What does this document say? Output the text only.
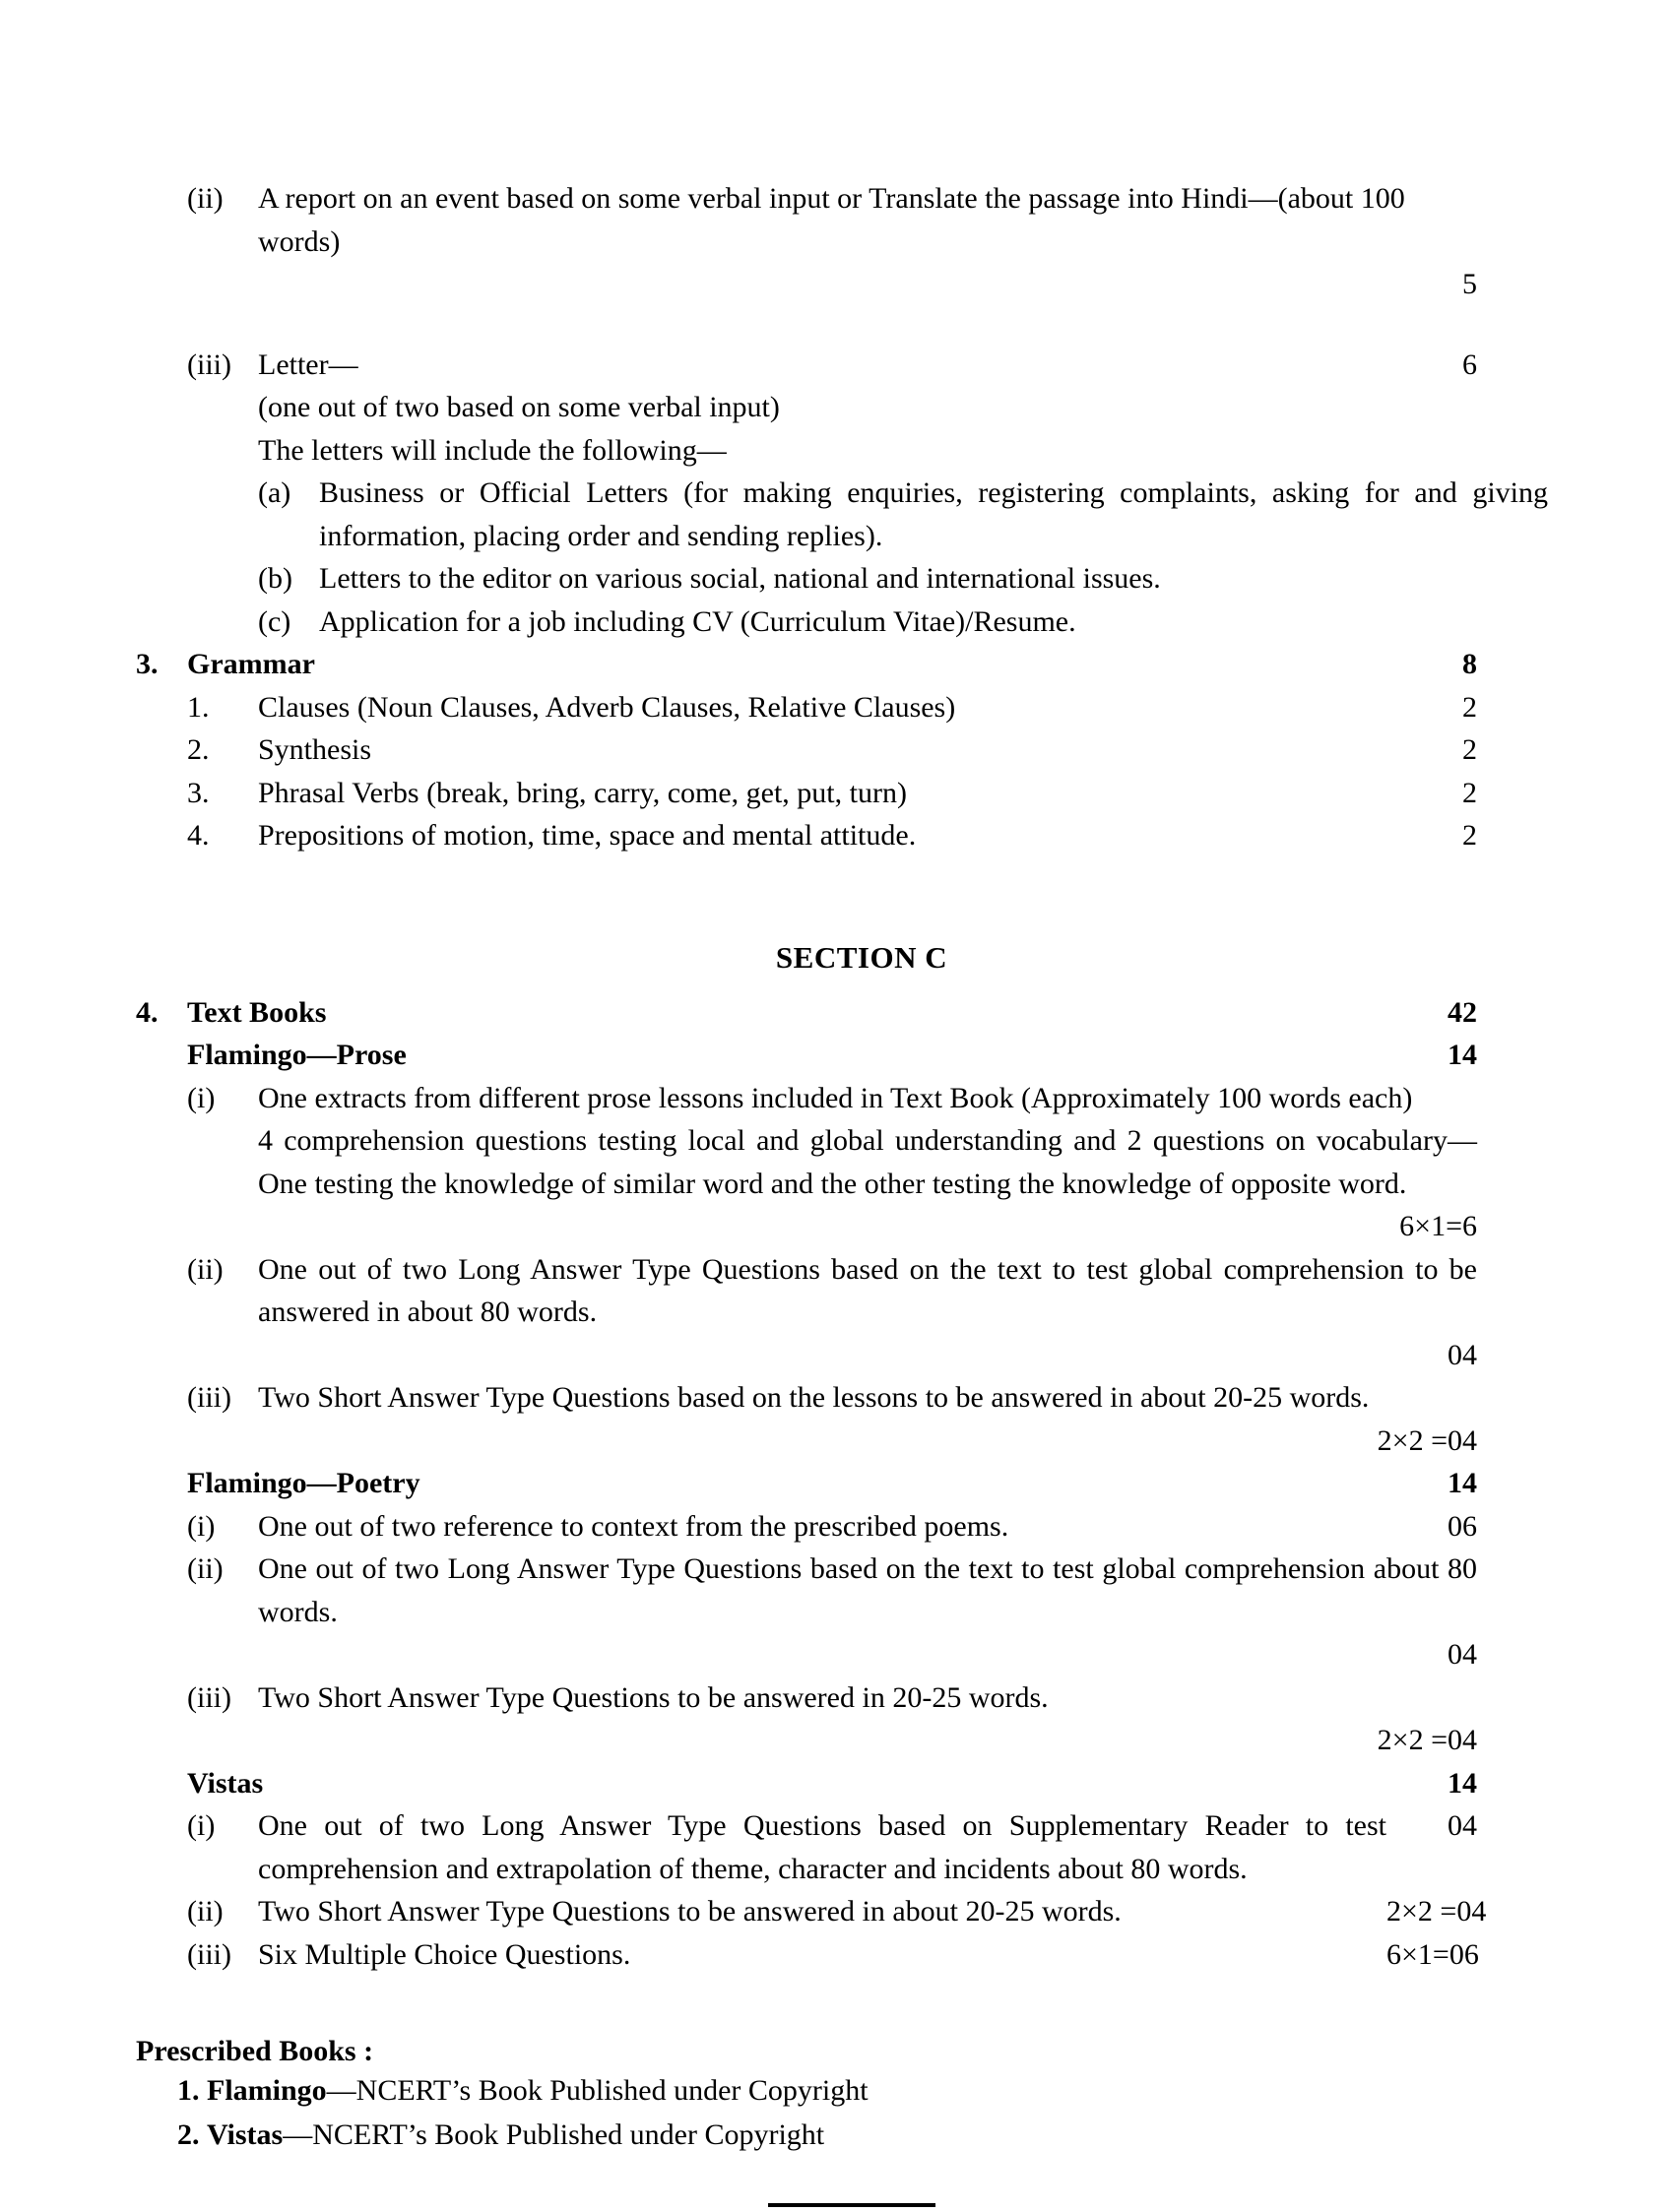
(ii)	A report on an event based on some verbal input or Translate the passage into Hindi—(about 100 words)
5
(iii) Letter—	6
(one out of two based on some verbal input)
The letters will include the following—
(a) Business or Official Letters (for making enquiries, registering complaints, asking for and giving information, placing order and sending replies).
(b) Letters to the editor on various social, national and international issues.
(c) Application for a job including CV (Curriculum Vitae)/Resume.
3. Grammar	8
1.	Clauses (Noun Clauses, Adverb Clauses, Relative Clauses)	2
2.	Synthesis	2
3.	Phrasal Verbs (break, bring, carry, come, get, put, turn)	2
4.	Prepositions of motion, time, space and mental attitude.	2
SECTION C
4. Text Books	42
Flamingo—Prose	14
(i)	One extracts from different prose lessons included in Text Book (Approximately 100 words each)
4 comprehension questions testing local and global understanding and 2 questions on vocabulary—One testing the knowledge of similar word and the other testing the knowledge of opposite word.
6×1=6
(ii)	One out of two Long Answer Type Questions based on the text to test global comprehension to be answered in about 80 words.
04
(iii) Two Short Answer Type Questions based on the lessons to be answered in about 20-25 words.
2×2 =04
Flamingo—Poetry	14
(i)	One out of two reference to context from the prescribed poems.	06
(ii)	One out of two Long Answer Type Questions based on the text to test global comprehension about 80 words.
04
(iii) Two Short Answer Type Questions to be answered in 20-25 words.
2×2 =04
Vistas	14
(i)	One out of two Long Answer Type Questions based on Supplementary Reader to test comprehension and extrapolation of theme, character and incidents about 80 words.
04
(ii)	Two Short Answer Type Questions to be answered in about 20-25 words.	2×2 =04
(iii) Six Multiple Choice Questions.	6×1=06
Prescribed Books :
1. Flamingo—NCERT’s Book Published under Copyright
2. Vistas—NCERT’s Book Published under Copyright
